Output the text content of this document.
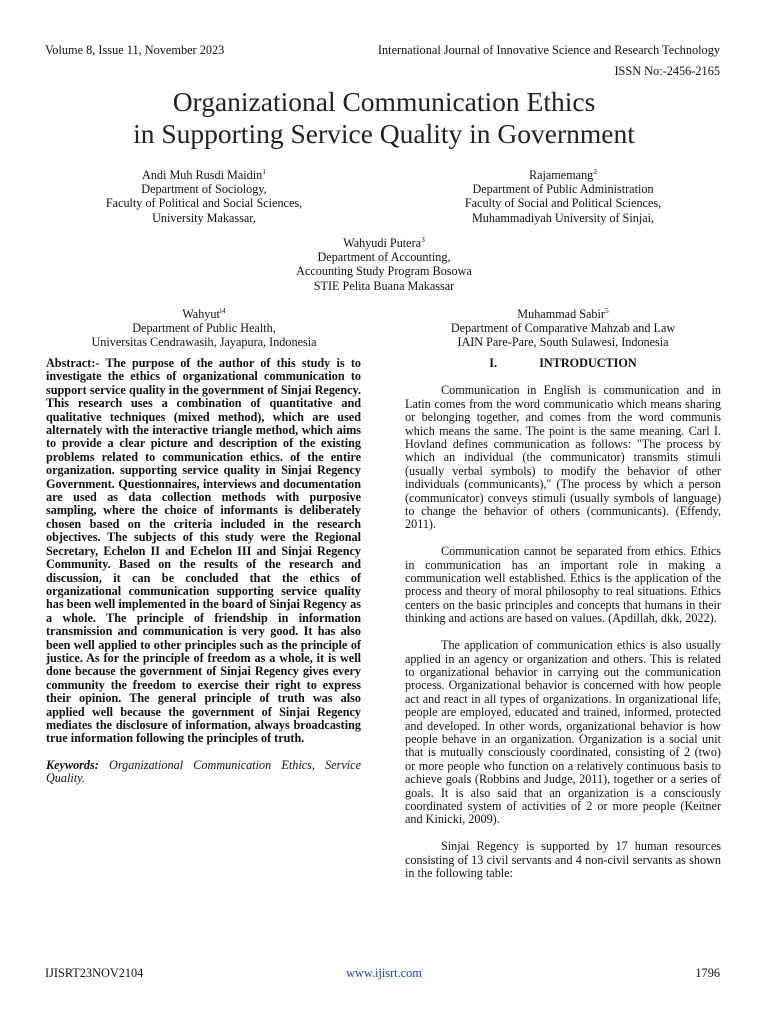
Volume 8, Issue 11, November 2023	International Journal of Innovative Science and Research Technology
ISSN No:-2456-2165
Organizational Communication Ethics
in Supporting Service Quality in Government
Andi Muh Rusdi Maidin$^1$
Department of Sociology,
Faculty of Political and Social Sciences,
University Makassar,
Rajamemang$^2$
Department of Public Administration
Faculty of Social and Political Sciences,
Muhammadiyah University of Sinjai,
Wahyudi Putera$^3$
Department of Accounting,
Accounting Study Program Bosowa
STIE Pelita Buana Makassar
Wahyut$^{i4}$
Department of Public Health,
Universitas Cendrawasih, Jayapura, Indonesia
Muhammad Sabir$^5$
Department of Comparative Mahzab and Law
IAIN Pare-Pare, South Sulawesi, Indonesia
Abstract:- The purpose of the author of this study is to investigate the ethics of organizational communication to support service quality in the government of Sinjai Regency. This research uses a combination of quantitative and qualitative techniques (mixed method), which are used alternately with the interactive triangle method, which aims to provide a clear picture and description of the existing problems related to communication ethics. of the entire organization. supporting service quality in Sinjai Regency Government. Questionnaires, interviews and documentation are used as data collection methods with purposive sampling, where the choice of informants is deliberately chosen based on the criteria included in the research objectives. The subjects of this study were the Regional Secretary, Echelon II and Echelon III and Sinjai Regency Community. Based on the results of the research and discussion, it can be concluded that the ethics of organizational communication supporting service quality has been well implemented in the board of Sinjai Regency as a whole. The principle of friendship in information transmission and communication is very good. It has also been well applied to other principles such as the principle of justice. As for the principle of freedom as a whole, it is well done because the government of Sinjai Regency gives every community the freedom to exercise their right to express their opinion. The general principle of truth was also applied well because the government of Sinjai Regency mediates the disclosure of information, always broadcasting true information following the principles of truth.
Keywords: Organizational Communication Ethics, Service Quality.
I.	INTRODUCTION

Communication in English is communication and in Latin comes from the word communicatio which means sharing or belonging together, and comes from the word communis which means the same. The point is the same meaning. Carl I. Hovland defines communication as follows: "The process by which an individual (the communicator) transmits stimuli (usually verbal symbols) to modify the behavior of other individuals (communicants)," (The process by which a person (communicator) conveys stimuli (usually symbols of language) to change the behavior of others (communicants). (Effendy, 2011).

Communication cannot be separated from ethics. Ethics in communication has an important role in making a communication well established. Ethics is the application of the process and theory of moral philosophy to real situations. Ethics centers on the basic principles and concepts that humans in their thinking and actions are based on values. (Apdillah, dkk, 2022).

The application of communication ethics is also usually applied in an agency or organization and others. This is related to organizational behavior in carrying out the communication process. Organizational behavior is concerned with how people act and react in all types of organizations. In organizational life, people are employed, educated and trained, informed, protected and developed. In other words, organizational behavior is how people behave in an organization. Organization is a social unit that is mutually consciously coordinated, consisting of 2 (two) or more people who function on a relatively continuous basis to achieve goals (Robbins and Judge, 2011), together or a series of goals. It is also said that an organization is a consciously coordinated system of activities of 2 or more people (Keitner and Kinicki, 2009).

Sinjai Regency is supported by 17 human resources consisting of 13 civil servants and 4 non-civil servants as shown in the following table:

IJISRT23NOV2104	www.ijisrt.com	1796
